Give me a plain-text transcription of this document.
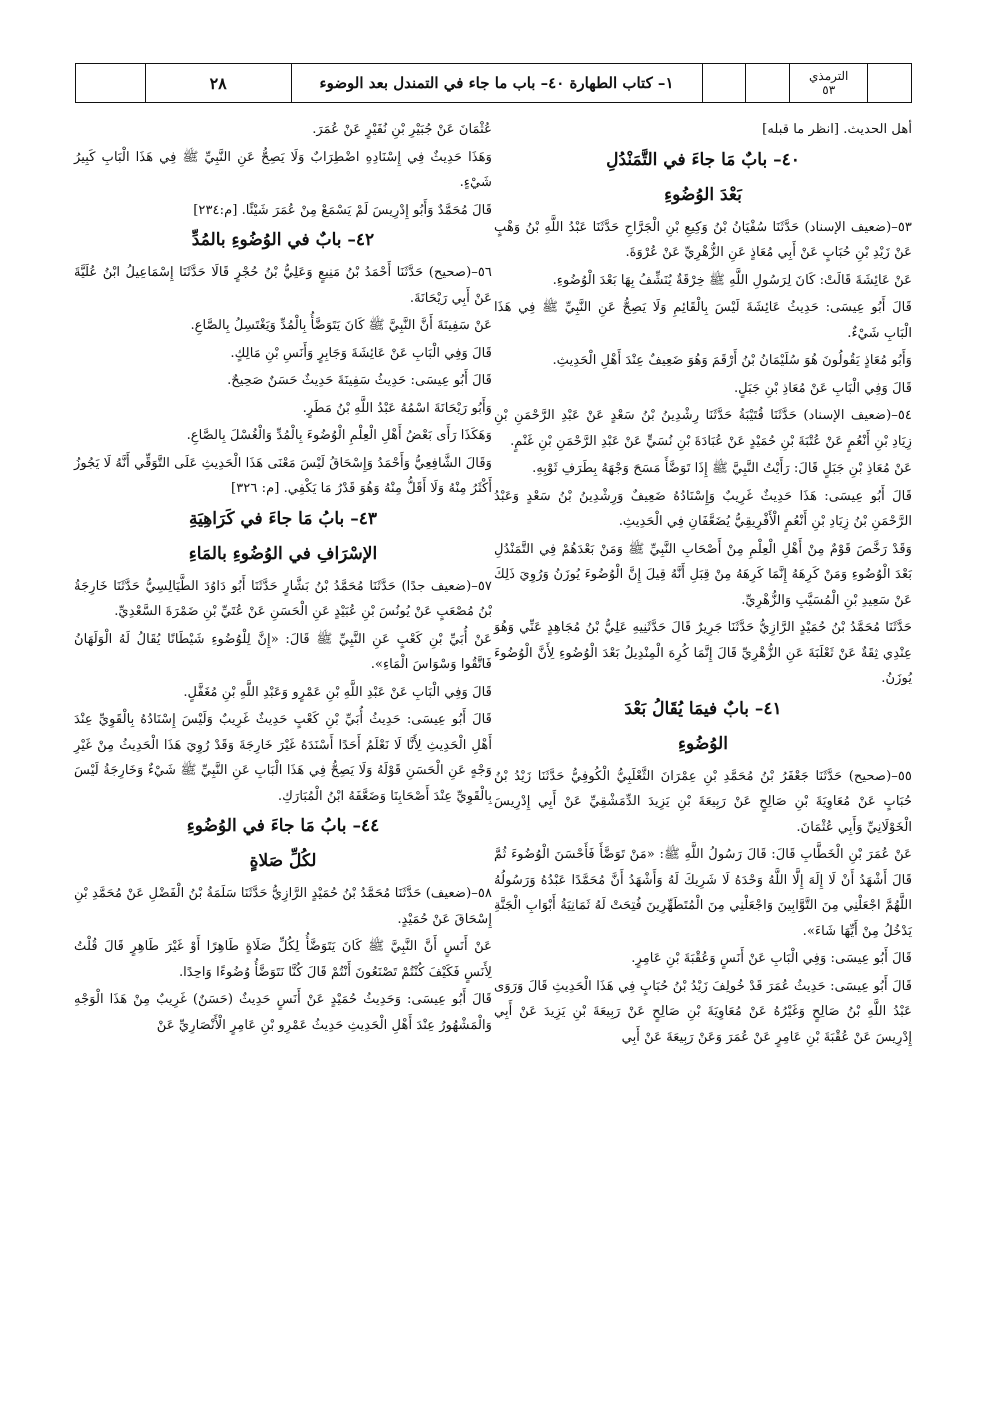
الترمذي
٥٣
١– كتاب الطهارة ٤٠– باب ما جاء في التمندل بعد الوضوء
٢٨

أهل الحديث. [انظر ما قبله]

٤٠– بابٌ مَا جاءَ في التَّمَنْدُلِ
بَعْدَ الوُضُوءِ

٥٣–(ضعيف الإسناد) حَدَّثَنَا سُفْيَانُ بْنُ وَكِيعِ بْنِ الْجَرَّاحِ حَدَّثَنَا عَبْدُ اللَّهِ بْنُ وَهْبٍ عَنْ زَيْدِ بْنِ حُبَابٍ عَنْ أَبِي مُعَاذٍ عَنِ الزُّهْرِيِّ عَنْ عُرْوَةَ.

عَنْ عَائِشَةَ قَالَتْ: كَانَ لِرَسُولِ اللَّهِ ﷺ خِرْقَةٌ يُنَشِّفُ بِهَا بَعْدَ الْوُضُوءِ.

قَالَ أَبُو عِيسَى: حَدِيثُ عَائِشَةَ لَيْسَ بِالْقَائِمِ وَلَا يَصِحُّ عَنِ النَّبِيِّ ﷺ فِي هَذَا الْبَابِ شَيْءٌ.

وَأَبُو مُعَاذٍ يَقُولُونَ هُوَ سُلَيْمَانُ بْنُ أَرْقَمَ وَهُوَ ضَعِيفٌ عِنْدَ أَهْلِ الْحَدِيثِ.

قَالَ وَفِي الْبَابِ عَنْ مُعَاذِ بْنِ جَبَلٍ.

٥٤–(ضعيف الإسناد) حَدَّثَنَا قُتَيْبَةُ حَدَّثَنَا رِشْدِينُ بْنُ سَعْدٍ عَنْ عَبْدِ الرَّحْمَنِ بْنِ زِيَادِ بْنِ أَنْعُمٍ عَنْ عُتْبَةَ بْنِ حُمَيْدٍ عَنْ عُبَادَةَ بْنِ نُسَيٍّ عَنْ عَبْدِ الرَّحْمَنِ بْنِ غَنْمٍ.

عَنْ مُعَاذِ بْنِ جَبَلٍ قَالَ: رَأَيْتُ النَّبِيَّ ﷺ إِذَا تَوَضَّأَ مَسَحَ وَجْهَهُ بِطَرَفِ ثَوْبِهِ.

قَالَ أَبُو عِيسَى: هَذَا حَدِيثٌ غَرِيبٌ وَإِسْنَادُهُ ضَعِيفٌ وَرِشْدِينُ بْنُ سَعْدٍ وَعَبْدُ الرَّحْمَنِ بْنُ زِيَادِ بْنِ أَنْعُمٍ الْأَفْرِيقِيُّ يُضَعَّفَانِ فِي الْحَدِيثِ.

وَقَدْ رَخَّصَ قَوْمٌ مِنْ أَهْلِ الْعِلْمِ مِنْ أَصْحَابِ النَّبِيِّ ﷺ وَمَنْ بَعْدَهُمْ فِي التَّمَنْدُلِ بَعْدَ الْوُضُوءِ وَمَنْ كَرِهَهُ إِنَّمَا كَرِهَهُ مِنْ قِبَلِ أَنَّهُ قِيلَ إِنَّ الْوُضُوءَ يُوزَنُ وَرُوِيَ ذَلِكَ عَنْ سَعِيدِ بْنِ الْمُسَيَّبِ وَالزُّهْرِيِّ.

حَدَّثَنَا مُحَمَّدُ بْنُ حُمَيْدٍ الرَّازِيُّ حَدَّثَنَا جَرِيرٌ قَالَ حَدَّثَنِيهِ عَلِيُّ بْنُ مُجَاهِدٍ عَنِّي وَهُوَ عِنْدِي ثِقَةٌ عَنْ ثَعْلَبَةَ عَنِ الزُّهْرِيِّ قَالَ إِنَّمَا كُرِهَ الْمِنْدِيلُ بَعْدَ الْوُضُوءِ لِأَنَّ الْوُضُوءَ يُوزَنُ.

٤١– بابٌ فيمَا يُقَالُ بَعْدَ
الوُضُوءِ

٥٥–(صحيح) حَدَّثَنَا جَعْفَرُ بْنُ مُحَمَّدِ بْنِ عِمْرَانَ الثَّعْلَبِيُّ الْكُوفِيُّ حَدَّثَنَا زَيْدُ بْنُ حُبَابٍ عَنْ مُعَاوِيَةَ بْنِ صَالِحٍ عَنْ رَبِيعَةَ بْنِ يَزِيدَ الدِّمَشْقِيِّ عَنْ أَبِي إِدْرِيسَ الْخَوْلَانِيِّ وَأَبِي عُثْمَانَ.

عَنْ عُمَرَ بْنِ الْخَطَّابِ قَالَ: قَالَ رَسُولُ اللَّهِ ﷺ: «مَنْ تَوَضَّأَ فَأَحْسَنَ الْوُضُوءَ ثُمَّ قَالَ أَشْهَدُ أَنْ لَا إِلَهَ إِلَّا اللَّهُ وَحْدَهُ لَا شَرِيكَ لَهُ وَأَشْهَدُ أَنَّ مُحَمَّدًا عَبْدُهُ وَرَسُولُهُ اللَّهُمَّ اجْعَلْنِي مِنَ التَّوَّابِينَ وَاجْعَلْنِي مِنَ الْمُتَطَهِّرِينَ فُتِحَتْ لَهُ ثَمَانِيَةُ أَبْوَابِ الْجَنَّةِ يَدْخُلُ مِنْ أَيِّهَا شَاءَ».

قَالَ أَبُو عِيسَى: وَفِي الْبَابِ عَنْ أَنَسٍ وَعُقْبَةَ بْنِ عَامِرٍ.

قَالَ أَبُو عِيسَى: حَدِيثُ عُمَرَ قَدْ خُولِفَ زَيْدُ بْنُ حُبَابٍ فِي هَذَا الْحَدِيثِ قَالَ وَرَوَى عَبْدُ اللَّهِ بْنُ صَالِحٍ وَغَيْرُهُ عَنْ مُعَاوِيَةَ بْنِ صَالِحٍ عَنْ رَبِيعَةَ بْنِ يَزِيدَ عَنْ أَبِي إِدْرِيسَ عَنْ عُقْبَةَ بْنِ عَامِرٍ عَنْ عُمَرَ وَعَنْ رَبِيعَةَ عَنْ أَبِي

عُثْمَانَ عَنْ جُبَيْرِ بْنِ نُفَيْرٍ عَنْ عُمَرَ.

وَهَذَا حَدِيثٌ فِي إِسْنَادِهِ اضْطِرَابٌ وَلَا يَصِحُّ عَنِ النَّبِيِّ ﷺ فِي هَذَا الْبَابِ كَبِيرُ شَيْءٍ.

قَالَ مُحَمَّدٌ وَأَبُو إِدْرِيسَ لَمْ يَسْمَعْ مِنْ عُمَرَ شَيْئًا. [م:٢٣٤]

٤٢– بابٌ في الوُضُوءِ بالمُدِّ

٥٦–(صحيح) حَدَّثَنَا أَحْمَدُ بْنُ مَنِيعٍ وَعَلِيُّ بْنُ حُجْرٍ قَالَا حَدَّثَنَا إِسْمَاعِيلُ ابْنُ عُلَيَّةَ عَنْ أَبِي رَيْحَانَةَ.

عَنْ سَفِينَةَ أَنَّ النَّبِيَّ ﷺ كَانَ يَتَوَضَّأُ بِالْمُدِّ وَيَغْتَسِلُ بِالصَّاعِ.

قَالَ وَفِي الْبَابِ عَنْ عَائِشَةَ وَجَابِرٍ وَأَنَسِ بْنِ مَالِكٍ.

قَالَ أَبُو عِيسَى: حَدِيثُ سَفِينَةَ حَدِيثٌ حَسَنٌ صَحِيحٌ.

وَأَبُو رَيْحَانَةَ اسْمُهُ عَبْدُ اللَّهِ بْنُ مَطَرٍ.

وَهَكَذَا رَأَى بَعْضُ أَهْلِ الْعِلْمِ الْوُضُوءَ بِالْمُدِّ وَالْغُسْلَ بِالصَّاعِ.

وَقَالَ الشَّافِعِيُّ وَأَحْمَدُ وَإِسْحَاقُ لَيْسَ مَعْنَى هَذَا الْحَدِيثِ عَلَى التَّوَقِّي أَنَّهُ لَا يَجُوزُ أَكْثَرُ مِنْهُ وَلَا أَقَلُّ مِنْهُ وَهُوَ قَدْرُ مَا يَكْفِي. [م: ٣٢٦]

٤٣– بابُ مَا جاءَ في كَرَاهِيَةِ
الإسْرَافِ في الوُضُوءِ بالمَاءِ

٥٧–(ضعيف جدًا) حَدَّثَنَا مُحَمَّدُ بْنُ بَشَّارٍ حَدَّثَنَا أَبُو دَاوُدَ الطَّيَالِسِيُّ حَدَّثَنَا خَارِجَةُ بْنُ مُصْعَبٍ عَنْ يُونُسَ بْنِ عُبَيْدٍ عَنِ الْحَسَنِ عَنْ عُتَيِّ بْنِ ضَمْرَةَ السَّعْدِيِّ.

عَنْ أُبَيِّ بْنِ كَعْبٍ عَنِ النَّبِيِّ ﷺ قَالَ: «إِنَّ لِلْوُضُوءِ شَيْطَانًا يُقَالُ لَهُ الْوَلَهَانُ فَاتَّقُوا وَسْوَاسَ الْمَاءِ».

قَالَ وَفِي الْبَابِ عَنْ عَبْدِ اللَّهِ بْنِ عَمْرٍو وَعَبْدِ اللَّهِ بْنِ مُغَفَّلٍ.

قَالَ أَبُو عِيسَى: حَدِيثُ أُبَيِّ بْنِ كَعْبٍ حَدِيثٌ غَرِيبٌ وَلَيْسَ إِسْنَادُهُ بِالْقَوِيِّ عِنْدَ أَهْلِ الْحَدِيثِ لِأَنَّا لَا نَعْلَمُ أَحَدًا أَسْنَدَهُ غَيْرَ خَارِجَةَ وَقَدْ رُوِيَ هَذَا الْحَدِيثُ مِنْ غَيْرِ وَجْهٍ عَنِ الْحَسَنِ قَوْلَهُ وَلَا يَصِحُّ فِي هَذَا الْبَابِ عَنِ النَّبِيِّ ﷺ شَيْءٌ وَخَارِجَةُ لَيْسَ بِالْقَوِيِّ عِنْدَ أَصْحَابِنَا وَضَعَّفَهُ ابْنُ الْمُبَارَكِ.

٤٤– بابُ مَا جاءَ في الوُضُوءِ
لكُلِّ صَلاةٍ

٥٨–(ضعيف) حَدَّثَنَا مُحَمَّدُ بْنُ حُمَيْدٍ الرَّازِيُّ حَدَّثَنَا سَلَمَةُ بْنُ الْفَضْلِ عَنْ مُحَمَّدِ بْنِ إِسْحَاقَ عَنْ حُمَيْدٍ.

عَنْ أَنَسٍ أَنَّ النَّبِيَّ ﷺ كَانَ يَتَوَضَّأُ لِكُلِّ صَلَاةٍ طَاهِرًا أَوْ غَيْرَ طَاهِرٍ قَالَ قُلْتُ لِأَنَسٍ فَكَيْفَ كُنْتُمْ تَصْنَعُونَ أَنْتُمْ قَالَ كُنَّا نَتَوَضَّأُ وُضُوءًا وَاحِدًا.

قَالَ أَبُو عِيسَى: وَحَدِيثُ حُمَيْدٍ عَنْ أَنَسٍ حَدِيثٌ (حَسَنٌ) غَرِيبٌ مِنْ هَذَا الْوَجْهِ وَالْمَشْهُورُ عِنْدَ أَهْلِ الْحَدِيثِ حَدِيثُ عَمْرِو بْنِ عَامِرٍ الْأَنْصَارِيِّ عَنْ
